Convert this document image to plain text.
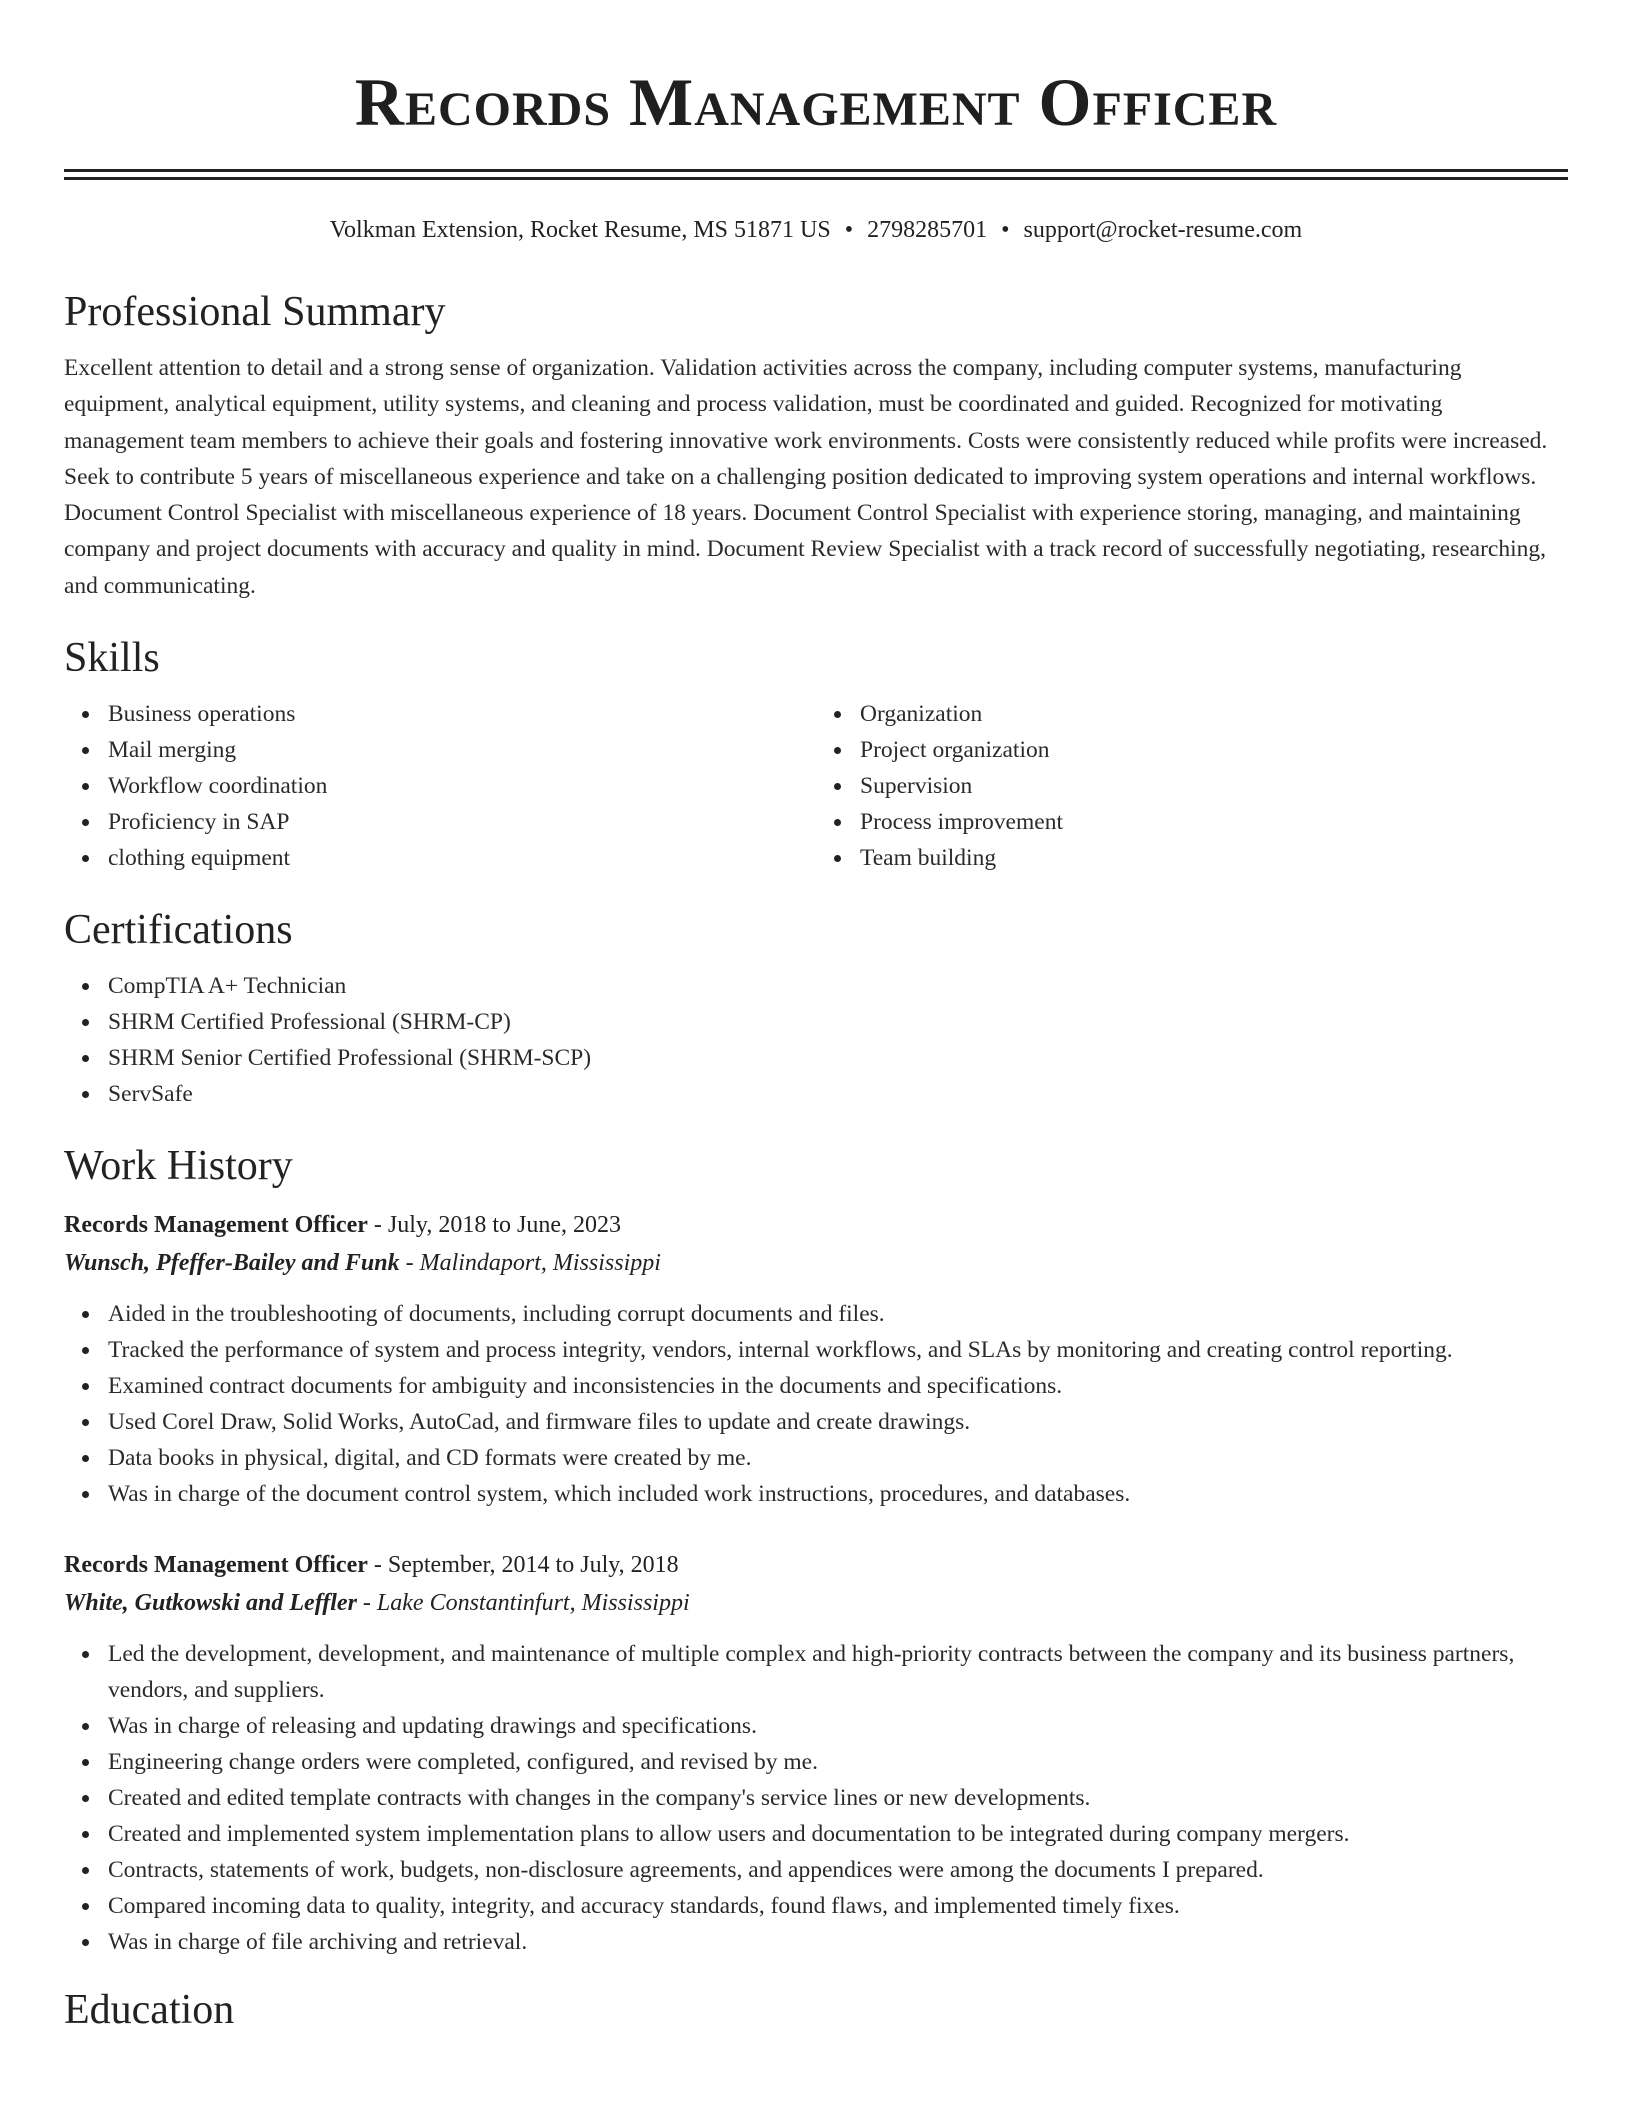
Records Management Officer
Volkman Extension, Rocket Resume, MS 51871 US • 2798285701 • support@rocket-resume.com
Professional Summary
Excellent attention to detail and a strong sense of organization. Validation activities across the company, including computer systems, manufacturing equipment, analytical equipment, utility systems, and cleaning and process validation, must be coordinated and guided. Recognized for motivating management team members to achieve their goals and fostering innovative work environments. Costs were consistently reduced while profits were increased. Seek to contribute 5 years of miscellaneous experience and take on a challenging position dedicated to improving system operations and internal workflows. Document Control Specialist with miscellaneous experience of 18 years. Document Control Specialist with experience storing, managing, and maintaining company and project documents with accuracy and quality in mind. Document Review Specialist with a track record of successfully negotiating, researching, and communicating.
Skills
Business operations
Mail merging
Workflow coordination
Proficiency in SAP
clothing equipment
Organization
Project organization
Supervision
Process improvement
Team building
Certifications
CompTIA A+ Technician
SHRM Certified Professional (SHRM-CP)
SHRM Senior Certified Professional (SHRM-SCP)
ServSafe
Work History
Records Management Officer - July, 2018 to June, 2023
Wunsch, Pfeffer-Bailey and Funk - Malindaport, Mississippi
Aided in the troubleshooting of documents, including corrupt documents and files.
Tracked the performance of system and process integrity, vendors, internal workflows, and SLAs by monitoring and creating control reporting.
Examined contract documents for ambiguity and inconsistencies in the documents and specifications.
Used Corel Draw, Solid Works, AutoCad, and firmware files to update and create drawings.
Data books in physical, digital, and CD formats were created by me.
Was in charge of the document control system, which included work instructions, procedures, and databases.
Records Management Officer - September, 2014 to July, 2018
White, Gutkowski and Leffler - Lake Constantinfurt, Mississippi
Led the development, development, and maintenance of multiple complex and high-priority contracts between the company and its business partners, vendors, and suppliers.
Was in charge of releasing and updating drawings and specifications.
Engineering change orders were completed, configured, and revised by me.
Created and edited template contracts with changes in the company's service lines or new developments.
Created and implemented system implementation plans to allow users and documentation to be integrated during company mergers.
Contracts, statements of work, budgets, non-disclosure agreements, and appendices were among the documents I prepared.
Compared incoming data to quality, integrity, and accuracy standards, found flaws, and implemented timely fixes.
Was in charge of file archiving and retrieval.
Education
